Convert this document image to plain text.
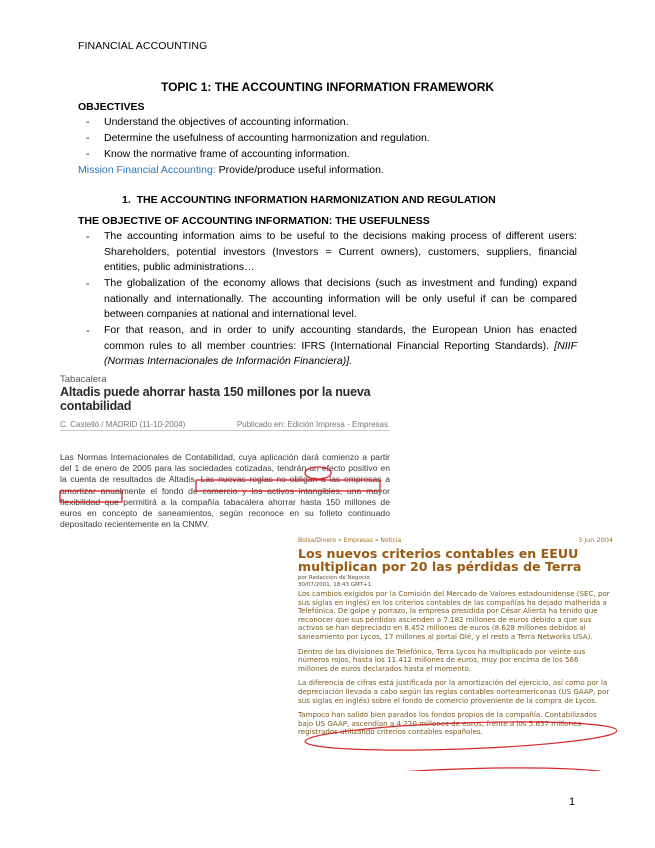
FINANCIAL ACCOUNTING
TOPIC 1: THE ACCOUNTING INFORMATION FRAMEWORK
OBJECTIVES
- Understand the objectives of accounting information.
- Determine the usefulness of accounting harmonization and regulation.
- Know the normative frame of accounting information.
Mission Financial Accounting: Provide/produce useful information.
1. THE ACCOUNTING INFORMATION HARMONIZATION AND REGULATION
THE OBJECTIVE OF ACCOUNTING INFORMATION: THE USEFULNESS
- The accounting information aims to be useful to the decisions making process of different users: Shareholders, potential investors (Investors = Current owners), customers, suppliers, financial entities, public administrations…
- The globalization of the economy allows that decisions (such as investment and funding) expand nationally and internationally. The accounting information will be only useful if can be compared between companies at national and international level.
- For that reason, and in order to unify accounting standards, the European Union has enacted common rules to all member countries: IFRS (International Financial Reporting Standards). [NIIF (Normas Internacionales de Información Financiera)].
Tabacalera
Altadis puede ahorrar hasta 150 millones por la nueva contabilidad
C. Castelló / MADRID (11-10-2004)	Publicado en: Edición Impresa - Empresas
Las Normas Internacionales de Contabilidad, cuya aplicación dará comienzo a partir del 1 de enero de 2005 para las sociedades cotizadas, tendrán un efecto positivo en la cuenta de resultados de Altadis. Las nuevas reglas no obligan a las empresas a amortizar anualmente el fondo de comercio y los activos intangibles, una mayor flexibilidad que permitirá a la compañía tabacalera ahorrar hasta 150 millones de euros en concepto de saneamientos, según reconoce en su folleto continuado depositado recientemente en la CNMV.
Bolsa/Dinero » Empresas » Noticia	3 jun 2004
Los nuevos criterios contables en EEUU multiplican por 20 las pérdidas de Terra
por Redacción de Negocio
30/07/2001, 18:43 GMT+1

Los cambios exigidos por la Comisión del Mercado de Valores estadounidense (SEC, por sus siglas en inglés) en los criterios contables de las compañías ha dejado malherida a Telefónica. De golpe y porrazo, la empresa presidida por César Alierta ha tenido que reconocer que sus pérdidas ascienden a 7.182 millones de euros debido a que sus activos se han depreciado en 8.452 millones de euros (8.628 millones debidos al saneamiento por Lycos, 17 millones al portal Olé, y el resto a Terra Networks USA).

Dentro de las divisiones de Telefónica, Terra Lycos ha multiplicado por veinte sus números rojos, hasta los 11.412 millones de euros, muy por encima de los 566 millones de euros declarados hasta el momento.

La diferencia de cifras está justificada por la amortización del ejercicio, así como por la depreciación llevada a cabo según las reglas contables norteamericanas (US GAAP, por sus siglas en inglés) sobre el fondo de comercio proveniente de la compra de Lycos.

Tampoco han salido bien parados los fondos propios de la compañía. Contabilizados bajo US GAAP, ascendían a 4.220 millones de euros, frente a los 5.657 millones registrados utilizando criterios contables españoles.

1
